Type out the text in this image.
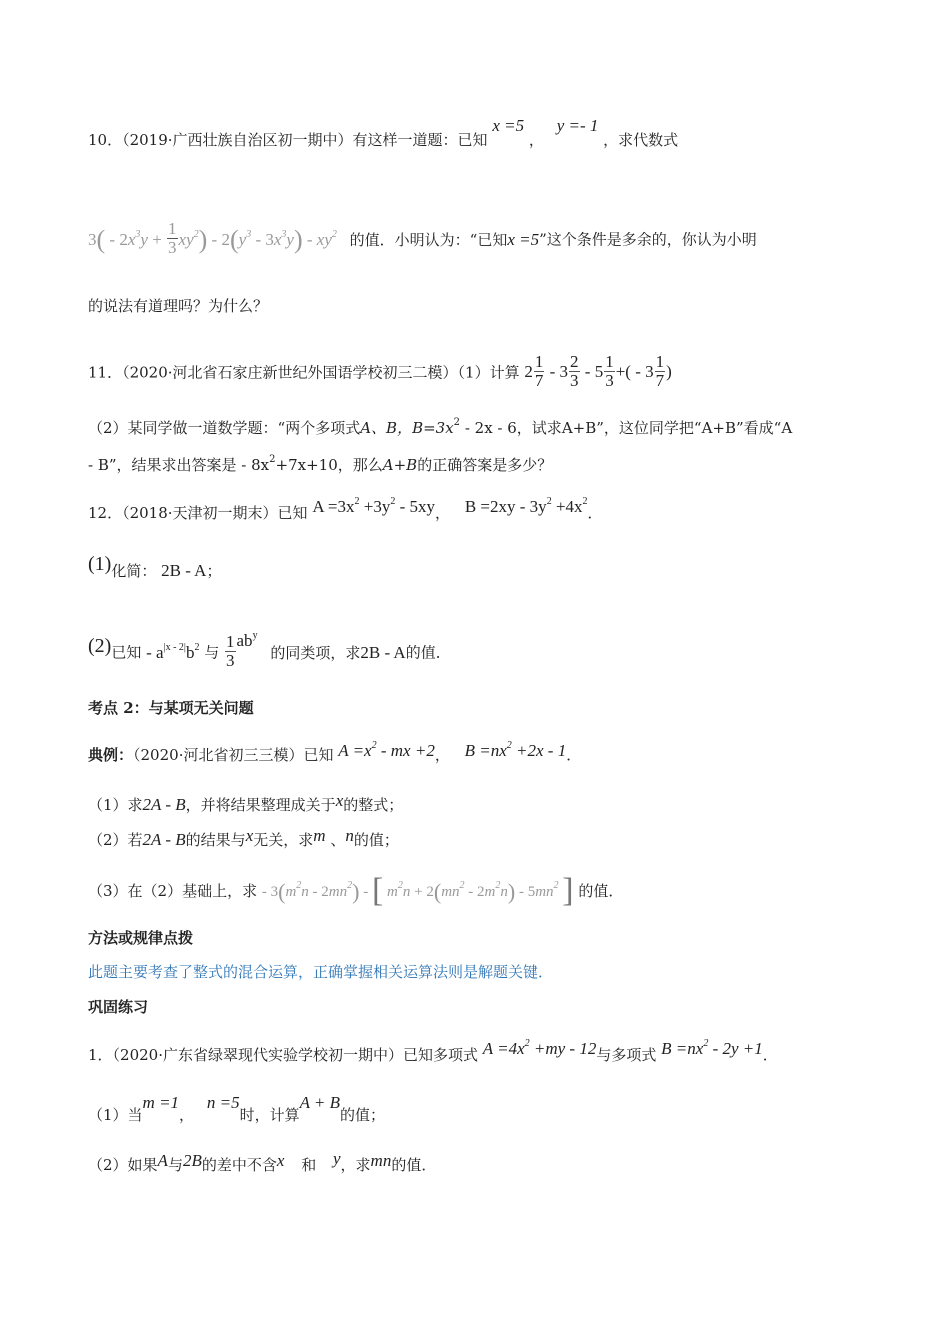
10．（2019·广西壮族自治区初一期中）有这样一道题：已知 x =5 ， y =- 1 ，求代数式
$3( - 2x^3y + \frac{1}{3} xy^2) - 2(y^3 - 3x^3y) - xy^2$ 的值．小明认为：“已知x =5”这个条件是多余的，你认为小明
的说法有道理吗？为什么？
11．（2020·河北省石家庄新世纪外国语学校初三二模）（1）计算 $2 \frac{1}{7} - 3 \frac{2}{3} - 5 \frac{1}{3}$ +( - $3 \frac{1}{7}$ )
（2）某同学做一道数学题：“两个多项式A、B，$B=3x^2 - 2x - 6$，试求A+B”，这位同学把“A+B”看成“A
- B”，结果求出答案是 - $8x^2+7x+10$，那么A+B的正确答案是多少？
12．（2018·天津初一期末）已知 $A =3x^2 +3y^2 - 5xy$， $B =2xy - 3y^2 +4x^2$．
(1)化简： 2B - A；
(2)已知 - $a^{|x - 2|}b^2$ 与 $\frac{1}{3} ab^y$ 的同类项，求2B - A的值．
考点 2：与某项无关问题
典例：（2020·河北省初三三模）已知 $A =x^2$ - mx +2， $B =nx^2 +2x - 1$．
（1）求2A - B，并将结果整理成关于x的整式；
（2）若2A - B的结果与x无关，求m 、n的值；
（3）在（2）基础上，求 - $3(m^2n - 2mn^2)$ - [ $m^2n + 2(mn^2 - 2m^2n) - 5mn^2$ ] 的值．
方法或规律点拨
此题主要考查了整式的混合运算，正确掌握相关运算法则是解题关键．
巩固练习
1．（2020·广东省绿翠现代实验学校初一期中）已知多项式 $A =4x^2 +my - 12$与多项式 $B =nx^2 - 2y +1$．
（1）当m =1， n =5时，计算A + B的值；
（2）如果A与2B的差中不含x 和 y，求mn的值．
